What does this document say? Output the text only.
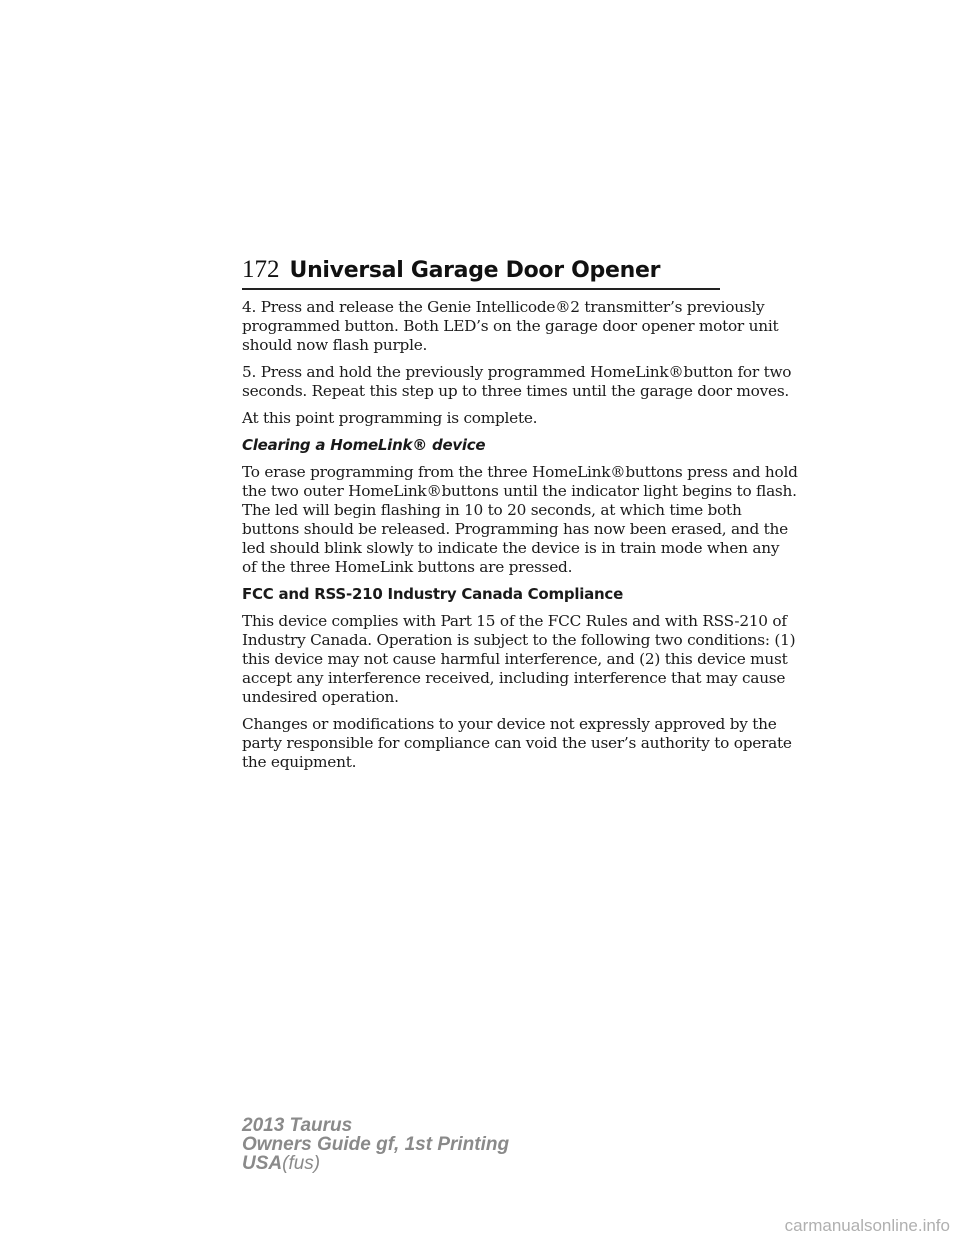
172 Universal Garage Door Opener

4. Press and release the Genie Intellicode®2 transmitter’s previously
programmed button. Both LED’s on the garage door opener motor unit
should now flash purple.

5. Press and hold the previously programmed HomeLink®button for two
seconds. Repeat this step up to three times until the garage door moves.

At this point programming is complete.

Clearing a HomeLink® device

To erase programming from the three HomeLink®buttons press and hold
the two outer HomeLink®buttons until the indicator light begins to flash.
The led will begin flashing in 10 to 20 seconds, at which time both
buttons should be released. Programming has now been erased, and the
led should blink slowly to indicate the device is in train mode when any
of the three HomeLink buttons are pressed.

FCC and RSS-210 Industry Canada Compliance

This device complies with Part 15 of the FCC Rules and with RSS-210 of
Industry Canada. Operation is subject to the following two conditions: (1)
this device may not cause harmful interference, and (2) this device must
accept any interference received, including interference that may cause
undesired operation.

Changes or modifications to your device not expressly approved by the
party responsible for compliance can void the user’s authority to operate
the equipment.

2013 Taurus
Owners Guide gf, 1st Printing
USA(fus)
carmanualsonline.info
